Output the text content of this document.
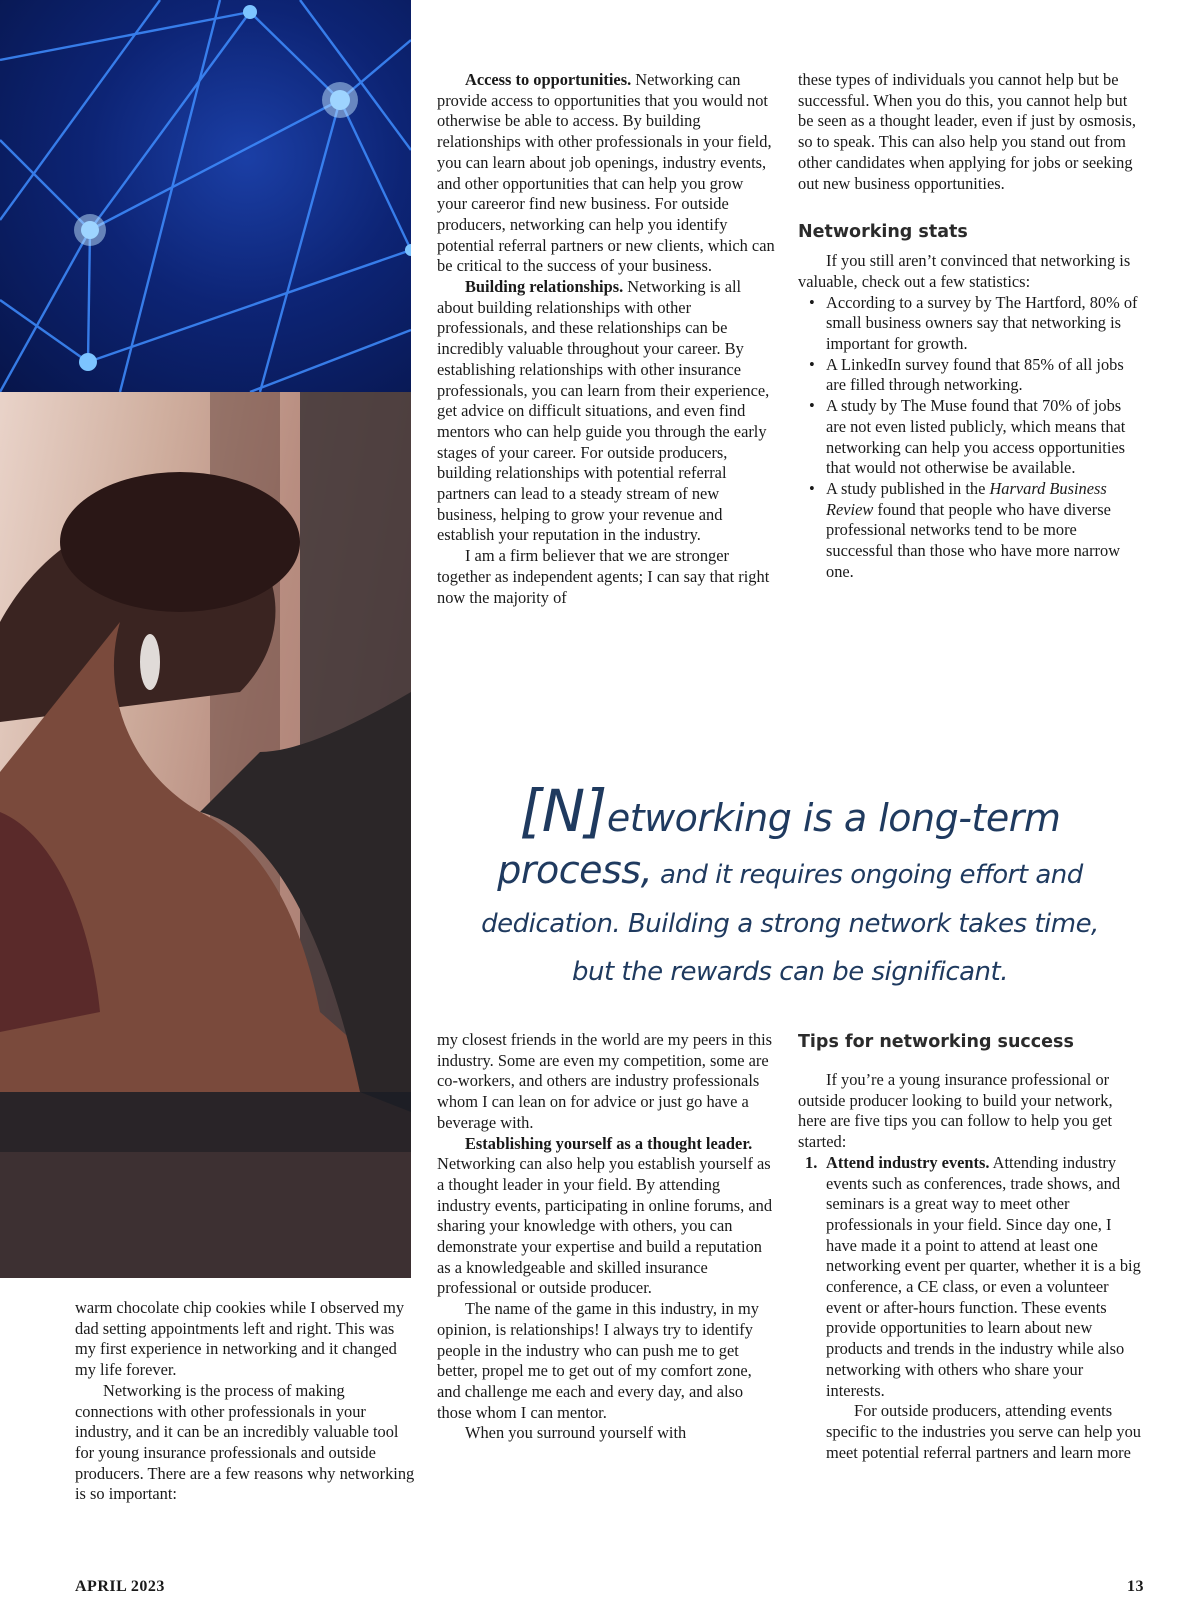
Access to opportunities. Networking can provide access to opportunities that you would not otherwise be able to access. By building relationships with other professionals in your field, you can learn about job openings, industry events, and other opportunities that can help you grow your careeror find new business. For outside producers, networking can help you identify potential referral partners or new clients, which can be critical to the success of your business.

Building relationships. Networking is all about building relationships with other professionals, and these relationships can be incredibly valuable throughout your career. By establishing relationships with other insurance professionals, you can learn from their experience, get advice on difficult situations, and even find mentors who can help guide you through the early stages of your career. For outside producers, building relationships with potential referral partners can lead to a steady stream of new business, helping to grow your revenue and establish your reputation in the industry.

I am a firm believer that we are stronger together as independent agents; I can say that right now the majority of

these types of individuals you cannot help but be successful. When you do this, you cannot help but be seen as a thought leader, even if just by osmosis, so to speak. This can also help you stand out from other candidates when applying for jobs or seeking out new business opportunities.

Networking stats

If you still aren’t convinced that networking is valuable, check out a few statistics:

• According to a survey by The Hartford, 80% of small business owners say that networking is important for growth.
• A LinkedIn survey found that 85% of all jobs are filled through networking.
• A study by The Muse found that 70% of jobs are not even listed publicly, which means that networking can help you access opportunities that would not otherwise be available.
• A study published in the Harvard Business Review found that people who have diverse professional networks tend to be more successful than those who have more narrow one.
[N]etworking is a long-term
process, and it requires ongoing effort and
dedication. Building a strong network takes time,
but the rewards can be significant.

my closest friends in the world are my peers in this industry. Some are even my competition, some are co-workers, and others are industry professionals whom I can lean on for advice or just go have a beverage with.

Establishing yourself as a thought leader. Networking can also help you establish yourself as a thought leader in your field. By attending industry events, participating in online forums, and sharing your knowledge with others, you can demonstrate your expertise and build a reputation as a knowledgeable and skilled insurance professional or outside producer.

The name of the game in this industry, in my opinion, is relationships! I always try to identify people in the industry who can push me to get better, propel me to get out of my comfort zone, and challenge me each and every day, and also those whom I can mentor.

When you surround yourself with

Tips for networking success

If you’re a young insurance professional or outside producer looking to build your network, here are five tips you can follow to help you get started:

1. Attend industry events. Attending industry events such as conferences, trade shows, and seminars is a great way to meet other professionals in your field. Since day one, I have made it a point to attend at least one networking event per quarter, whether it is a big conference, a CE class, or even a volunteer event or after-hours function. These events provide opportunities to learn about new products and trends in the industry while also networking with others who share your interests.

For outside producers, attending events specific to the industries you serve can help you meet potential referral partners and learn more

warm chocolate chip cookies while I observed my dad setting appointments left and right. This was my first experience in networking and it changed my life forever.

Networking is the process of making connections with other professionals in your industry, and it can be an incredibly valuable tool for young insurance professionals and outside producers. There are a few reasons why networking is so important:

APRIL 2023	13
